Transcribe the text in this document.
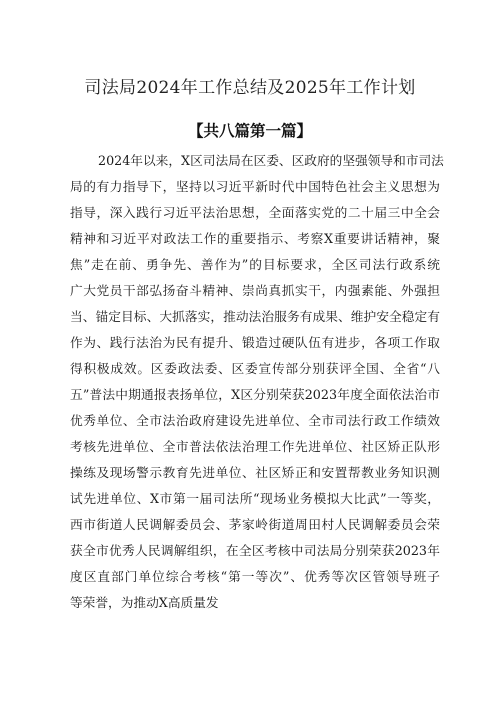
司法局2024年工作总结及2025年工作计划
【共八篇第一篇】
2024年以来，X区司法局在区委、区政府的坚强领导和市司法
局的有力指导下，坚持以习近平新时代中国特色社会主义思想为
指导，深入践行习近平法治思想，全面落实党的二十届三中全会
精神和习近平对政法工作的重要指示、考察X重要讲话精神，聚
焦”走在前、勇争先、善作为”的目标要求，全区司法行政系统
广大党员干部弘扬奋斗精神、崇尚真抓实干，内强素能、外强担
当、锚定目标、大抓落实，推动法治服务有成果、维护安全稳定有
作为、践行法治为民有提升、锻造过硬队伍有进步，各项工作取
得积极成效。区委政法委、区委宣传部分别获评全国、全省“八
五”普法中期通报表扬单位，X区分别荣获2023年度全面依法治市
优秀单位、全市法治政府建设先进单位、全市司法行政工作绩效
考核先进单位、全市普法依法治理工作先进单位、社区矫正队形
操练及现场警示教育先进单位、社区矫正和安置帮教业务知识测
试先进单位、X市第一届司法所“现场业务模拟大比武”一等奖，
西市街道人民调解委员会、茅家岭街道周田村人民调解委员会荣
获全市优秀人民调解组织，在全区考核中司法局分别荣获2023年
度区直部门单位综合考核“第一等次”、优秀等次区管领导班子
等荣誉，为推动X高质量发
